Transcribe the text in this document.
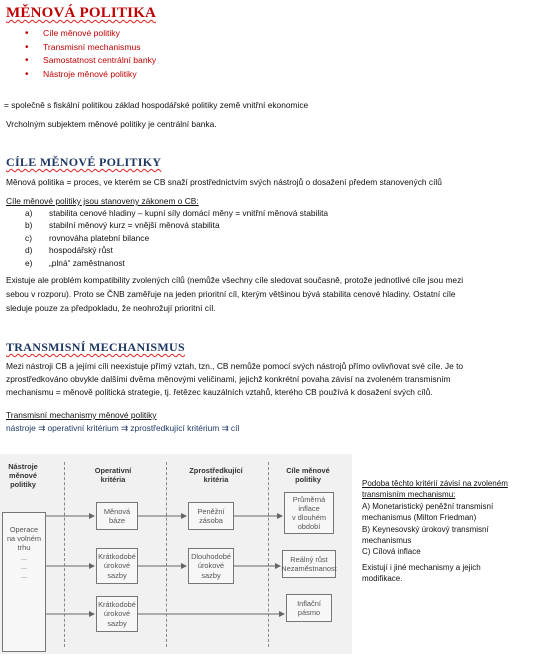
MĚNOVÁ POLITIKA
• Cíle měnové politiky
• Transmisní mechanismus
• Samostatnost centrální banky
• Nástroje měnové politiky
= společně s fiskální politikou základ hospodářské politiky země vnitřní ekonomice
Vrcholným subjektem měnové politiky je centrální banka.
CÍLE MĚNOVÉ POLITIKY
Měnová politika = proces, ve kterém se CB snaží prostřednictvím svých nástrojů o dosažení předem stanovených cílů
Cíle měnové politiky jsou stanoveny zákonem o CB:
a) stabilita cenové hladiny – kupní síly domácí měny = vnitřní měnová stabilita
b) stabilní měnový kurz = vnější měnová stabilita
c) rovnováha platební bilance
d) hospodářský růst
e) „plná“ zaměstnanost
Existuje ale problém kompatibility zvolených cílů (nemůže všechny cíle sledovat současně, protože jednotlivé cíle jsou mezi
sebou v rozporu). Proto se ČNB zaměřuje na jeden prioritní cíl, kterým většinou bývá stabilita cenové hladiny. Ostatní cíle
sleduje pouze za předpokladu, že neohrožují prioritní cíl.
TRANSMISNÍ MECHANISMUS
Mezi nástroji CB a jejími cíli neexistuje přímý vztah, tzn., CB nemůže pomocí svých nástrojů přímo ovlivňovat své cíle. Je to
zprostředkováno obvykle dalšími dvěma měnovými veličinami, jejichž konkrétní povaha závisí na zvoleném transmisním
mechanismu = měnově politická strategie, tj. řetězec kauzálních vztahů, kterého CB používá k dosažení svých cílů.
Transmisní mechanismy měnové politiky
nástroje ⇉ operativní kritérium ⇉ zprostředkující kritérium ⇉ cíl
Nástroje měnové politiky
Operativní kritéria
Zprostředkující kritéria
Cíle měnové politiky
Operace
na volném
trhu
...
...
...
Měnová
báze
Krátkodobé
úrokové
sazby
Krátkodobé
úrokové
sazby
Peněžní
zásoba
Dlouhodobé
úrokové
sazby
Průměrná
inflace
v dlouhém
období
Reálný růst
Nezaměstnanost
Inflační
pásmo
Podoba těchto kritérií závisí na zvoleném
transmisním mechanismu:
A) Monetaristický peněžní transmisní
mechanismus (Milton Friedman)
B) Keynesovský úrokový transmisní
mechanismus
C) Cílová inflace
Existují i jiné mechanismy a jejich
modifikace.
